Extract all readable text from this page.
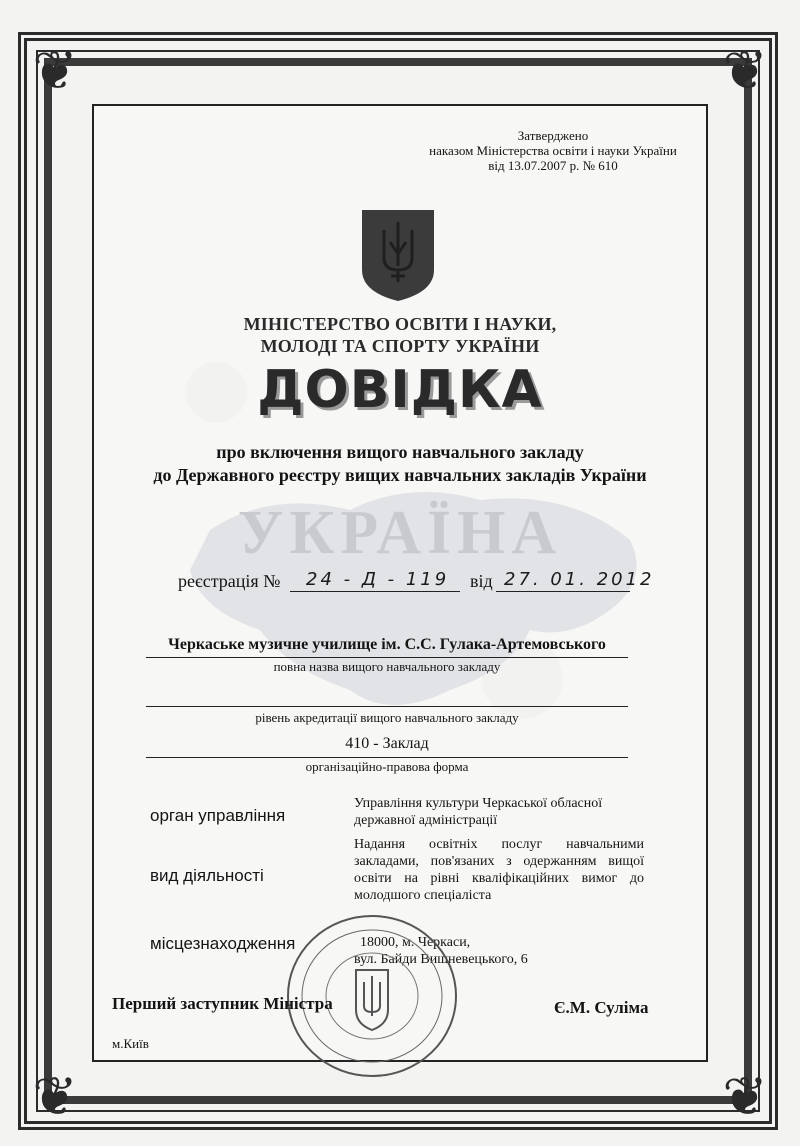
❦	❦
❦	❦
Затверджено
наказом Міністерства освіти і науки України
від 13.07.2007 р. № 610
МІНІСТЕРСТВО ОСВІТИ І НАУКИ,
МОЛОДІ ТА СПОРТУ УКРАЇНИ
ДОВІДКА
про включення вищого навчального закладу
до Державного реєстру вищих навчальних закладів України
УКРАЇНА
реєстрація № 24 - Д - 119 від 27. 01. 2012
Черкаське музичне училище ім. С.С. Гулака-Артемовського
повна назва вищого навчального закладу
рівень акредитації вищого навчального закладу
410 - Заклад
організаційно-правова форма
орган управління
Управління культури Черкаської обласної державної адміністрації
вид діяльності
Надання освітніх послуг навчальними закладами, пов'язаних з одержанням вищої освіти на рівні кваліфікаційних вимог до молодшого спеціаліста
місцезнаходження	18000, м. Черкаси,
вул. Байди Вишневецького, 6
Перший заступник Міністра	Є.М. Суліма
м.Київ
